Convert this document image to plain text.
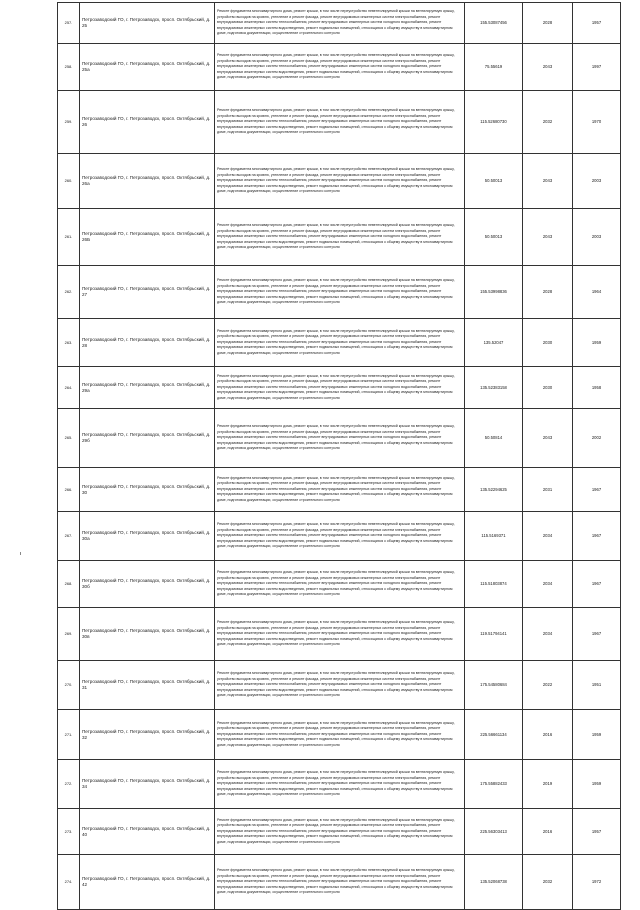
257.	Петрозаводский ГО, г. Петрозаводск, просп. Октябрьский, д. 25	Ремонт фундамента многоквартирного дома, ремонт крыши, в том числе переустройство невентилируемой крыши на вентилируемую крышу, устройство выходов на кровлю, утепление и ремонт фасада, ремонт внутридомовых инженерных систем электроснабжения, ремонт внутридомовых инженерных систем теплоснабжения, ремонт внутридомовых инженерных систем холодного водоснабжения, ремонт внутридомовых инженерных систем водоотведения, ремонт подвальных помещений, относящихся к общему имуществу в многоквартирном доме, подготовка документации, осуществление строительного контроля	155.53087456	2028	1957
258.	Петрозаводский ГО, г. Петрозаводск, просп. Октябрьский, д. 25а	Ремонт фундамента многоквартирного дома, ремонт крыши, в том числе переустройство невентилируемой крыши на вентилируемую крышу, устройство выходов на кровлю, утепление и ремонт фасада, ремонт внутридомовых инженерных систем электроснабжения, ремонт внутридомовых инженерных систем теплоснабжения, ремонт внутридомовых инженерных систем холодного водоснабжения, ремонт внутридомовых инженерных систем водоотведения, ремонт подвальных помещений, относящихся к общему имуществу в многоквартирном доме, подготовка документации, осуществление строительного контроля	75.55619	2043	1997
259.	Петрозаводский ГО, г. Петрозаводск, просп. Октябрьский, д. 26	Ремонт фундамента многоквартирного дома, ремонт крыши, в том числе переустройство невентилируемой крыши на вентилируемую крышу, устройство выходов на кровлю, утепление и ремонт фасада, ремонт внутридомовых инженерных систем электроснабжения, ремонт внутридомовых инженерных систем теплоснабжения, ремонт внутридомовых инженерных систем холодного водоснабжения, ремонт внутридомовых инженерных систем водоотведения, ремонт подвальных помещений, относящихся к общему имуществу в многоквартирном доме, подготовка документации, осуществление строительного контроля	115.52680730	2032	1970
260.	Петрозаводский ГО, г. Петрозаводск, просп. Октябрьский, д. 26а	Ремонт фундамента многоквартирного дома, ремонт крыши, в том числе переустройство невентилируемой крыши на вентилируемую крышу, устройство выходов на кровлю, утепление и ремонт фасада, ремонт внутридомовых инженерных систем электроснабжения, ремонт внутридомовых инженерных систем теплоснабжения, ремонт внутридомовых инженерных систем холодного водоснабжения, ремонт внутридомовых инженерных систем водоотведения, ремонт подвальных помещений, относящихся к общему имуществу в многоквартирном доме, подготовка документации, осуществление строительного контроля	50.50013	2043	2003
261.	Петрозаводский ГО, г. Петрозаводск, просп. Октябрьский, д. 26Б	Ремонт фундамента многоквартирного дома, ремонт крыши, в том числе переустройство невентилируемой крыши на вентилируемую крышу, устройство выходов на кровлю, утепление и ремонт фасада, ремонт внутридомовых инженерных систем электроснабжения, ремонт внутридомовых инженерных систем теплоснабжения, ремонт внутридомовых инженерных систем холодного водоснабжения, ремонт внутридомовых инженерных систем водоотведения, ремонт подвальных помещений, относящихся к общему имуществу в многоквартирном доме, подготовка документации, осуществление строительного контроля	50.50013	2043	2003
262.	Петрозаводский ГО, г. Петрозаводск, просп. Октябрьский, д. 27	Ремонт фундамента многоквартирного дома, ремонт крыши, в том числе переустройство невентилируемой крыши на вентилируемую крышу, устройство выходов на кровлю, утепление и ремонт фасада, ремонт внутридомовых инженерных систем электроснабжения, ремонт внутридомовых инженерных систем теплоснабжения, ремонт внутридомовых инженерных систем холодного водоснабжения, ремонт внутридомовых инженерных систем водоотведения, ремонт подвальных помещений, относящихся к общему имуществу в многоквартирном доме, подготовка документации, осуществление строительного контроля	155.53998836	2028	1964
263.	Петрозаводский ГО, г. Петрозаводск, просп. Октябрьский, д. 28	Ремонт фундамента многоквартирного дома, ремонт крыши, в том числе переустройство невентилируемой крыши на вентилируемую крышу, устройство выходов на кровлю, утепление и ремонт фасада, ремонт внутридомовых инженерных систем электроснабжения, ремонт внутридомовых инженерных систем теплоснабжения, ремонт внутридомовых инженерных систем холодного водоснабжения, ремонт внутридомовых инженерных систем водоотведения, ремонт подвальных помещений, относящихся к общему имуществу в многоквартирном доме, подготовка документации, осуществление строительного контроля	135.52047	2030	1959
264.	Петрозаводский ГО, г. Петрозаводск, просп. Октябрьский, д. 29а	Ремонт фундамента многоквартирного дома, ремонт крыши, в том числе переустройство невентилируемой крыши на вентилируемую крышу, устройство выходов на кровлю, утепление и ремонт фасада, ремонт внутридомовых инженерных систем электроснабжения, ремонт внутридомовых инженерных систем теплоснабжения, ремонт внутридомовых инженерных систем холодного водоснабжения, ремонт внутридомовых инженерных систем водоотведения, ремонт подвальных помещений, относящихся к общему имуществу в многоквартирном доме, подготовка документации, осуществление строительного контроля	135.52383158	2030	1958
265.	Петрозаводский ГО, г. Петрозаводск, просп. Октябрьский, д. 29б	Ремонт фундамента многоквартирного дома, ремонт крыши, в том числе переустройство невентилируемой крыши на вентилируемую крышу, устройство выходов на кровлю, утепление и ремонт фасада, ремонт внутридомовых инженерных систем электроснабжения, ремонт внутридомовых инженерных систем теплоснабжения, ремонт внутридомовых инженерных систем холодного водоснабжения, ремонт внутридомовых инженерных систем водоотведения, ремонт подвальных помещений, относящихся к общему имуществу в многоквартирном доме, подготовка документации, осуществление строительного контроля	50.50814	2043	2002
266.	Петрозаводский ГО, г. Петрозаводск, просп. Октябрьский, д. 30	Ремонт фундамента многоквартирного дома, ремонт крыши, в том числе переустройство невентилируемой крыши на вентилируемую крышу, устройство выходов на кровлю, утепление и ремонт фасада, ремонт внутридомовых инженерных систем электроснабжения, ремонт внутридомовых инженерных систем теплоснабжения, ремонт внутридомовых инженерных систем холодного водоснабжения, ремонт внутридомовых инженерных систем водоотведения, ремонт подвальных помещений, относящихся к общему имуществу в многоквартирном доме, подготовка документации, осуществление строительного контроля	135.52294625	2031	1967
267.	Петрозаводский ГО, г. Петрозаводск, просп. Октябрьский, д. 30а	Ремонт фундамента многоквартирного дома, ремонт крыши, в том числе переустройство невентилируемой крыши на вентилируемую крышу, устройство выходов на кровлю, утепление и ремонт фасада, ремонт внутридомовых инженерных систем электроснабжения, ремонт внутридомовых инженерных систем теплоснабжения, ремонт внутридомовых инженерных систем холодного водоснабжения, ремонт внутридомовых инженерных систем водоотведения, ремонт подвальных помещений, относящихся к общему имуществу в многоквартирном доме, подготовка документации, осуществление строительного контроля	115.5169371	2034	1967
268.	Петрозаводский ГО, г. Петрозаводск, просп. Октябрьский, д. 30б	Ремонт фундамента многоквартирного дома, ремонт крыши, в том числе переустройство невентилируемой крыши на вентилируемую крышу, устройство выходов на кровлю, утепление и ремонт фасада, ремонт внутридомовых инженерных систем электроснабжения, ремонт внутридомовых инженерных систем теплоснабжения, ремонт внутридомовых инженерных систем холодного водоснабжения, ремонт внутридомовых инженерных систем водоотведения, ремонт подвальных помещений, относящихся к общему имуществу в многоквартирном доме, подготовка документации, осуществление строительного контроля	115.51803874	2034	1967
269.	Петрозаводский ГО, г. Петрозаводск, просп. Октябрьский, д. 30в	Ремонт фундамента многоквартирного дома, ремонт крыши, в том числе переустройство невентилируемой крыши на вентилируемую крышу, устройство выходов на кровлю, утепление и ремонт фасада, ремонт внутридомовых инженерных систем электроснабжения, ремонт внутридомовых инженерных систем теплоснабжения, ремонт внутридомовых инженерных систем холодного водоснабжения, ремонт внутридомовых инженерных систем водоотведения, ремонт подвальных помещений, относящихся к общему имуществу в многоквартирном доме, подготовка документации, осуществление строительного контроля	119.51794141	2034	1967
270.	Петрозаводский ГО, г. Петрозаводск, просп. Октябрьский, д. 31	Ремонт фундамента многоквартирного дома, ремонт крыши, в том числе переустройство невентилируемой крыши на вентилируемую крышу, устройство выходов на кровлю, утепление и ремонт фасада, ремонт внутридомовых инженерных систем электроснабжения, ремонт внутридомовых инженерных систем теплоснабжения, ремонт внутридомовых инженерных систем холодного водоснабжения, ремонт внутридомовых инженерных систем водоотведения, ремонт подвальных помещений, относящихся к общему имуществу в многоквартирном доме, подготовка документации, осуществление строительного контроля	175.54580684	2022	1951
271.	Петрозаводский ГО, г. Петрозаводск, просп. Октябрьский, д. 32	Ремонт фундамента многоквартирного дома, ремонт крыши, в том числе переустройство невентилируемой крыши на вентилируемую крышу, устройство выходов на кровлю, утепление и ремонт фасада, ремонт внутридомовых инженерных систем электроснабжения, ремонт внутридомовых инженерных систем теплоснабжения, ремонт внутридомовых инженерных систем холодного водоснабжения, ремонт внутридомовых инженерных систем водоотведения, ремонт подвальных помещений, относящихся к общему имуществу в многоквартирном доме, подготовка документации, осуществление строительного контроля	225.56661134	2016	1959
272.	Петрозаводский ГО, г. Петрозаводск, просп. Октябрьский, д. 34	Ремонт фундамента многоквартирного дома, ремонт крыши, в том числе переустройство невентилируемой крыши на вентилируемую крышу, устройство выходов на кровлю, утепление и ремонт фасада, ремонт внутридомовых инженерных систем электроснабжения, ремонт внутридомовых инженерных систем теплоснабжения, ремонт внутридомовых инженерных систем холодного водоснабжения, ремонт внутридомовых инженерных систем водоотведения, ремонт подвальных помещений, относящихся к общему имуществу в многоквартирном доме, подготовка документации, осуществление строительного контроля	175.55882433	2019	1959
273.	Петрозаводский ГО, г. Петрозаводск, просп. Октябрьский, д. 40	Ремонт фундамента многоквартирного дома, ремонт крыши, в том числе переустройство невентилируемой крыши на вентилируемую крышу, устройство выходов на кровлю, утепление и ремонт фасада, ремонт внутридомовых инженерных систем электроснабжения, ремонт внутридомовых инженерных систем теплоснабжения, ремонт внутридомовых инженерных систем холодного водоснабжения, ремонт внутридомовых инженерных систем водоотведения, ремонт подвальных помещений, относящихся к общему имуществу в многоквартирном доме, подготовка документации, осуществление строительного контроля	225.56303413	2016	1957
274.	Петрозаводский ГО, г. Петрозаводск, просп. Октябрьский, д. 42	Ремонт фундамента многоквартирного дома, ремонт крыши, в том числе переустройство невентилируемой крыши на вентилируемую крышу, устройство выходов на кровлю, утепление и ремонт фасада, ремонт внутридомовых инженерных систем электроснабжения, ремонт внутридомовых инженерных систем теплоснабжения, ремонт внутридомовых инженерных систем холодного водоснабжения, ремонт внутридомовых инженерных систем водоотведения, ремонт подвальных помещений, относящихся к общему имуществу в многоквартирном доме, подготовка документации, осуществление строительного контроля	135.52068738	2032	1972
